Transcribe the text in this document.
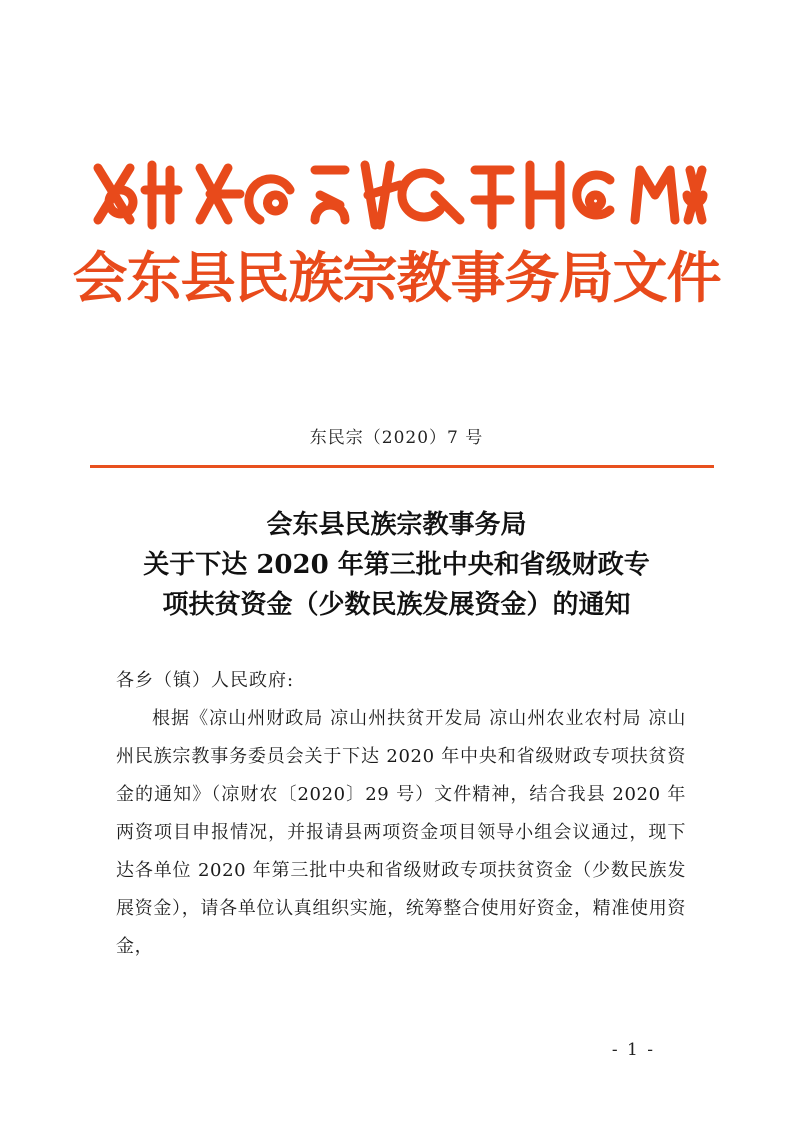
会东县民族宗教事务局文件
东民宗（2020）7 号
会东县民族宗教事务局
关于下达 2020 年第三批中央和省级财政专
项扶贫资金（少数民族发展资金）的通知

各乡（镇）人民政府:

根据《凉山州财政局 凉山州扶贫开发局 凉山州农业农村局 凉山州民族宗教事务委员会关于下达 2020 年中央和省级财政专项扶贫资金的通知》（凉财农〔2020〕29 号）文件精神，结合我县 2020 年两资项目申报情况，并报请县两项资金项目领导小组会议通过，现下达各单位 2020 年第三批中央和省级财政专项扶贫资金（少数民族发展资金），请各单位认真组织实施，统筹整合使用好资金，精准使用资金，

- 1 -
